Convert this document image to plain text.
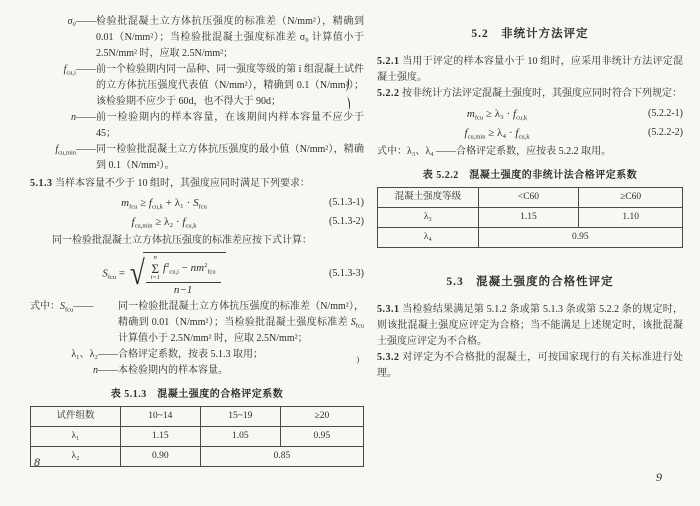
σ₀—— 检验批混凝土立方体抗压强度的标准差（N/mm²），精确到 0.01（N/mm²）；当检验批混凝土强度标准差 σ₀ 计算值小于 2.5N/mm² 时，应取 2.5N/mm²；
$f_{cu,i}——$ 前一个检验期内同一品种、同一强度等级的第 i 组混凝土试件的立方体抗压强度代表值（N/mm²），精确到 0.1（N/mm²）；该检验期不应少于 60d，也不得大于 90d；
n—— 前一检验期内的样本容量，在该期间内样本容量不应少于 45；
$f_{cu,min}——$ 同一检验批混凝土立方体抗压强度的最小值（N/mm²），精确到 0.1（N/mm²）。
5.1.3 当样本容量不少于 10 组时，其强度应同时满足下列要求：
$m_{fcu} \ge f_{cu,k} + \lambda_1 \cdot S_{fcu}$	(5.1.3-1)
$f_{cu,min} \ge \lambda_2 \cdot f_{cu,k}$	(5.1.3-2)
同一检验批混凝土立方体抗压强度的标准差应按下式计算：
$S_{fcu}$ = √ n
Σ
i=1
$f^2_{cu,i} - nm^2_{fcu}$
n−1
(5.1.3-3)
式中：$S_{fcu}——$	同一检验批混凝土立方体抗压强度的标准差（N/mm²），精确到 0.01（N/mm²）；当检验批混凝土强度标准差 $S_{fcu}$ 计算值小于 2.5N/mm² 时，应取 2.5N/mm²；
λ₁、λ₂—— 合格评定系数，按表 5.1.3 取用；
n—— 本检验期内的样本容量。
表 5.1.3　混凝土强度的合格评定系数
试件组数	10~14	15~19	≥20
λ₁	1.15	1.05	0.95
λ₂	0.90	0.85	
5.2　非统计方法评定
5.2.1 当用于评定的样本容量小于 10 组时，应采用非统计方法评定混凝土强度。
5.2.2 按非统计方法评定混凝土强度时，其强度应同时符合下列规定：
$m_{fcu} \ge \lambda_3 \cdot f_{cu,k}$	(5.2.2-1)
$f_{cu,min} \ge \lambda_4 \cdot f_{cu,k}$	(5.2.2-2)
式中：λ₃、λ₄ ——合格评定系数，应按表 5.2.2 取用。
表 5.2.2　混凝土强度的非统计法合格评定系数
混凝土强度等级	<C60	≥C60
λ₃	1.15	1.10
λ₄	0.95	
5.3　混凝土强度的合格性评定
5.3.1 当检验结果满足第 5.1.2 条或第 5.1.3 条或第 5.2.2 条的规定时，则该批混凝土强度应评定为合格；当不能满足上述规定时，该批混凝土强度应评定为不合格。
5.3.2 对评定为不合格批的混凝土，可按国家现行的有关标准进行处理。
8
9
